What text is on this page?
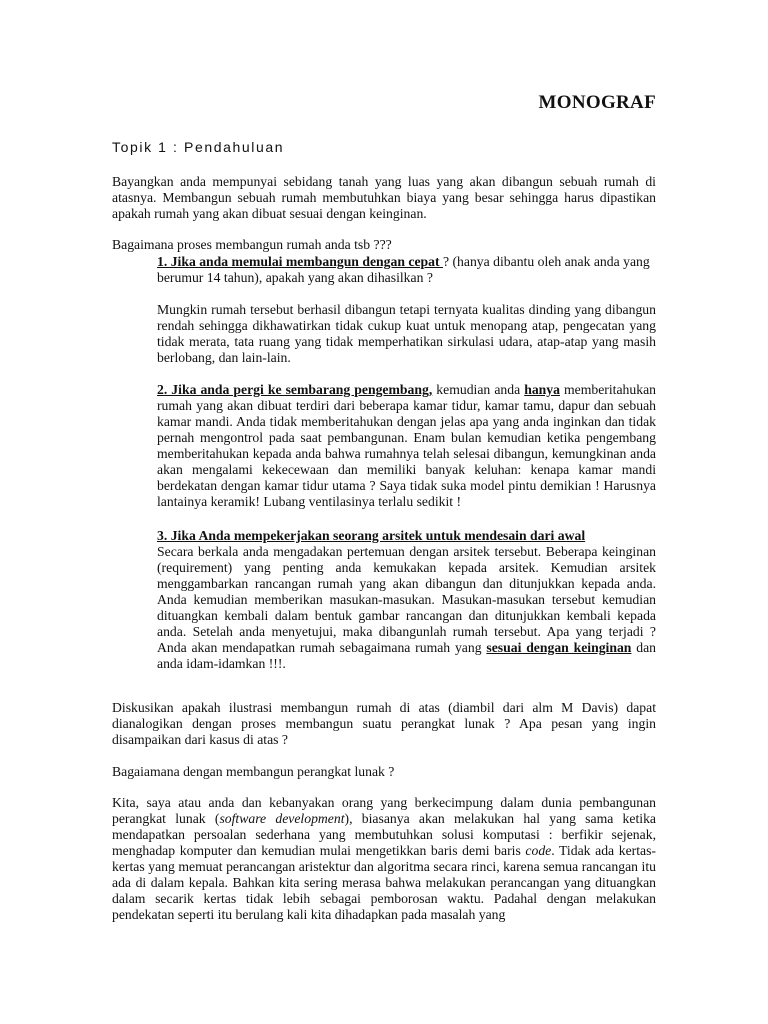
MONOGRAF
Topik 1 : Pendahuluan

Bayangkan anda mempunyai sebidang tanah yang luas yang akan dibangun sebuah rumah di atasnya. Membangun sebuah rumah membutuhkan biaya yang besar sehingga harus dipastikan apakah rumah yang akan dibuat sesuai dengan keinginan.

Bagaimana proses membangun rumah anda tsb ???

1. Jika anda memulai membangun dengan cepat ? (hanya dibantu oleh anak anda yang
berumur 14 tahun), apakah yang akan dihasilkan ?

Mungkin rumah tersebut berhasil dibangun tetapi ternyata kualitas dinding yang dibangun rendah sehingga dikhawatirkan tidak cukup kuat untuk menopang atap, pengecatan yang tidak merata, tata ruang yang tidak memperhatikan sirkulasi udara, atap-atap yang masih berlobang, dan lain-lain.

2. Jika anda pergi ke sembarang pengembang, kemudian anda hanya memberitahukan rumah yang akan dibuat terdiri dari beberapa kamar tidur, kamar tamu, dapur dan sebuah kamar mandi. Anda tidak memberitahukan dengan jelas apa yang anda inginkan dan tidak pernah mengontrol pada saat pembangunan. Enam bulan kemudian ketika pengembang memberitahukan kepada anda bahwa rumahnya telah selesai dibangun, kemungkinan anda akan mengalami kekecewaan dan memiliki banyak keluhan: kenapa kamar mandi berdekatan dengan kamar tidur utama ? Saya tidak suka model pintu demikian ! Harusnya lantainya keramik! Lubang ventilasinya terlalu sedikit !

3. Jika Anda mempekerjakan seorang arsitek untuk mendesain dari awal

Secara berkala anda mengadakan pertemuan dengan arsitek tersebut. Beberapa keinginan (requirement) yang penting anda kemukakan kepada arsitek. Kemudian arsitek menggambarkan rancangan rumah yang akan dibangun dan ditunjukkan kepada anda. Anda kemudian memberikan masukan-masukan. Masukan-masukan tersebut kemudian dituangkan kembali dalam bentuk gambar rancangan dan ditunjukkan kembali kepada anda. Setelah anda menyetujui, maka dibangunlah rumah tersebut. Apa yang terjadi ? Anda akan mendapatkan rumah sebagaimana rumah yang sesuai dengan keinginan dan anda idam-idamkan !!!.

Diskusikan apakah ilustrasi membangun rumah di atas (diambil dari alm M Davis) dapat dianalogikan dengan proses membangun suatu perangkat lunak ? Apa pesan yang ingin disampaikan dari kasus di atas ?

Bagaiamana dengan membangun perangkat lunak ?

Kita, saya atau anda dan kebanyakan orang yang berkecimpung dalam dunia pembangunan perangkat lunak (software development), biasanya akan melakukan hal yang sama ketika mendapatkan persoalan sederhana yang membutuhkan solusi komputasi : berfikir sejenak, menghadap komputer dan kemudian mulai mengetikkan baris demi baris code. Tidak ada kertas-kertas yang memuat perancangan aristektur dan algoritma secara rinci, karena semua rancangan itu ada di dalam kepala. Bahkan kita sering merasa bahwa melakukan perancangan yang dituangkan dalam secarik kertas tidak lebih sebagai pemborosan waktu. Padahal dengan melakukan pendekatan seperti itu berulang kali kita dihadapkan pada masalah yang
